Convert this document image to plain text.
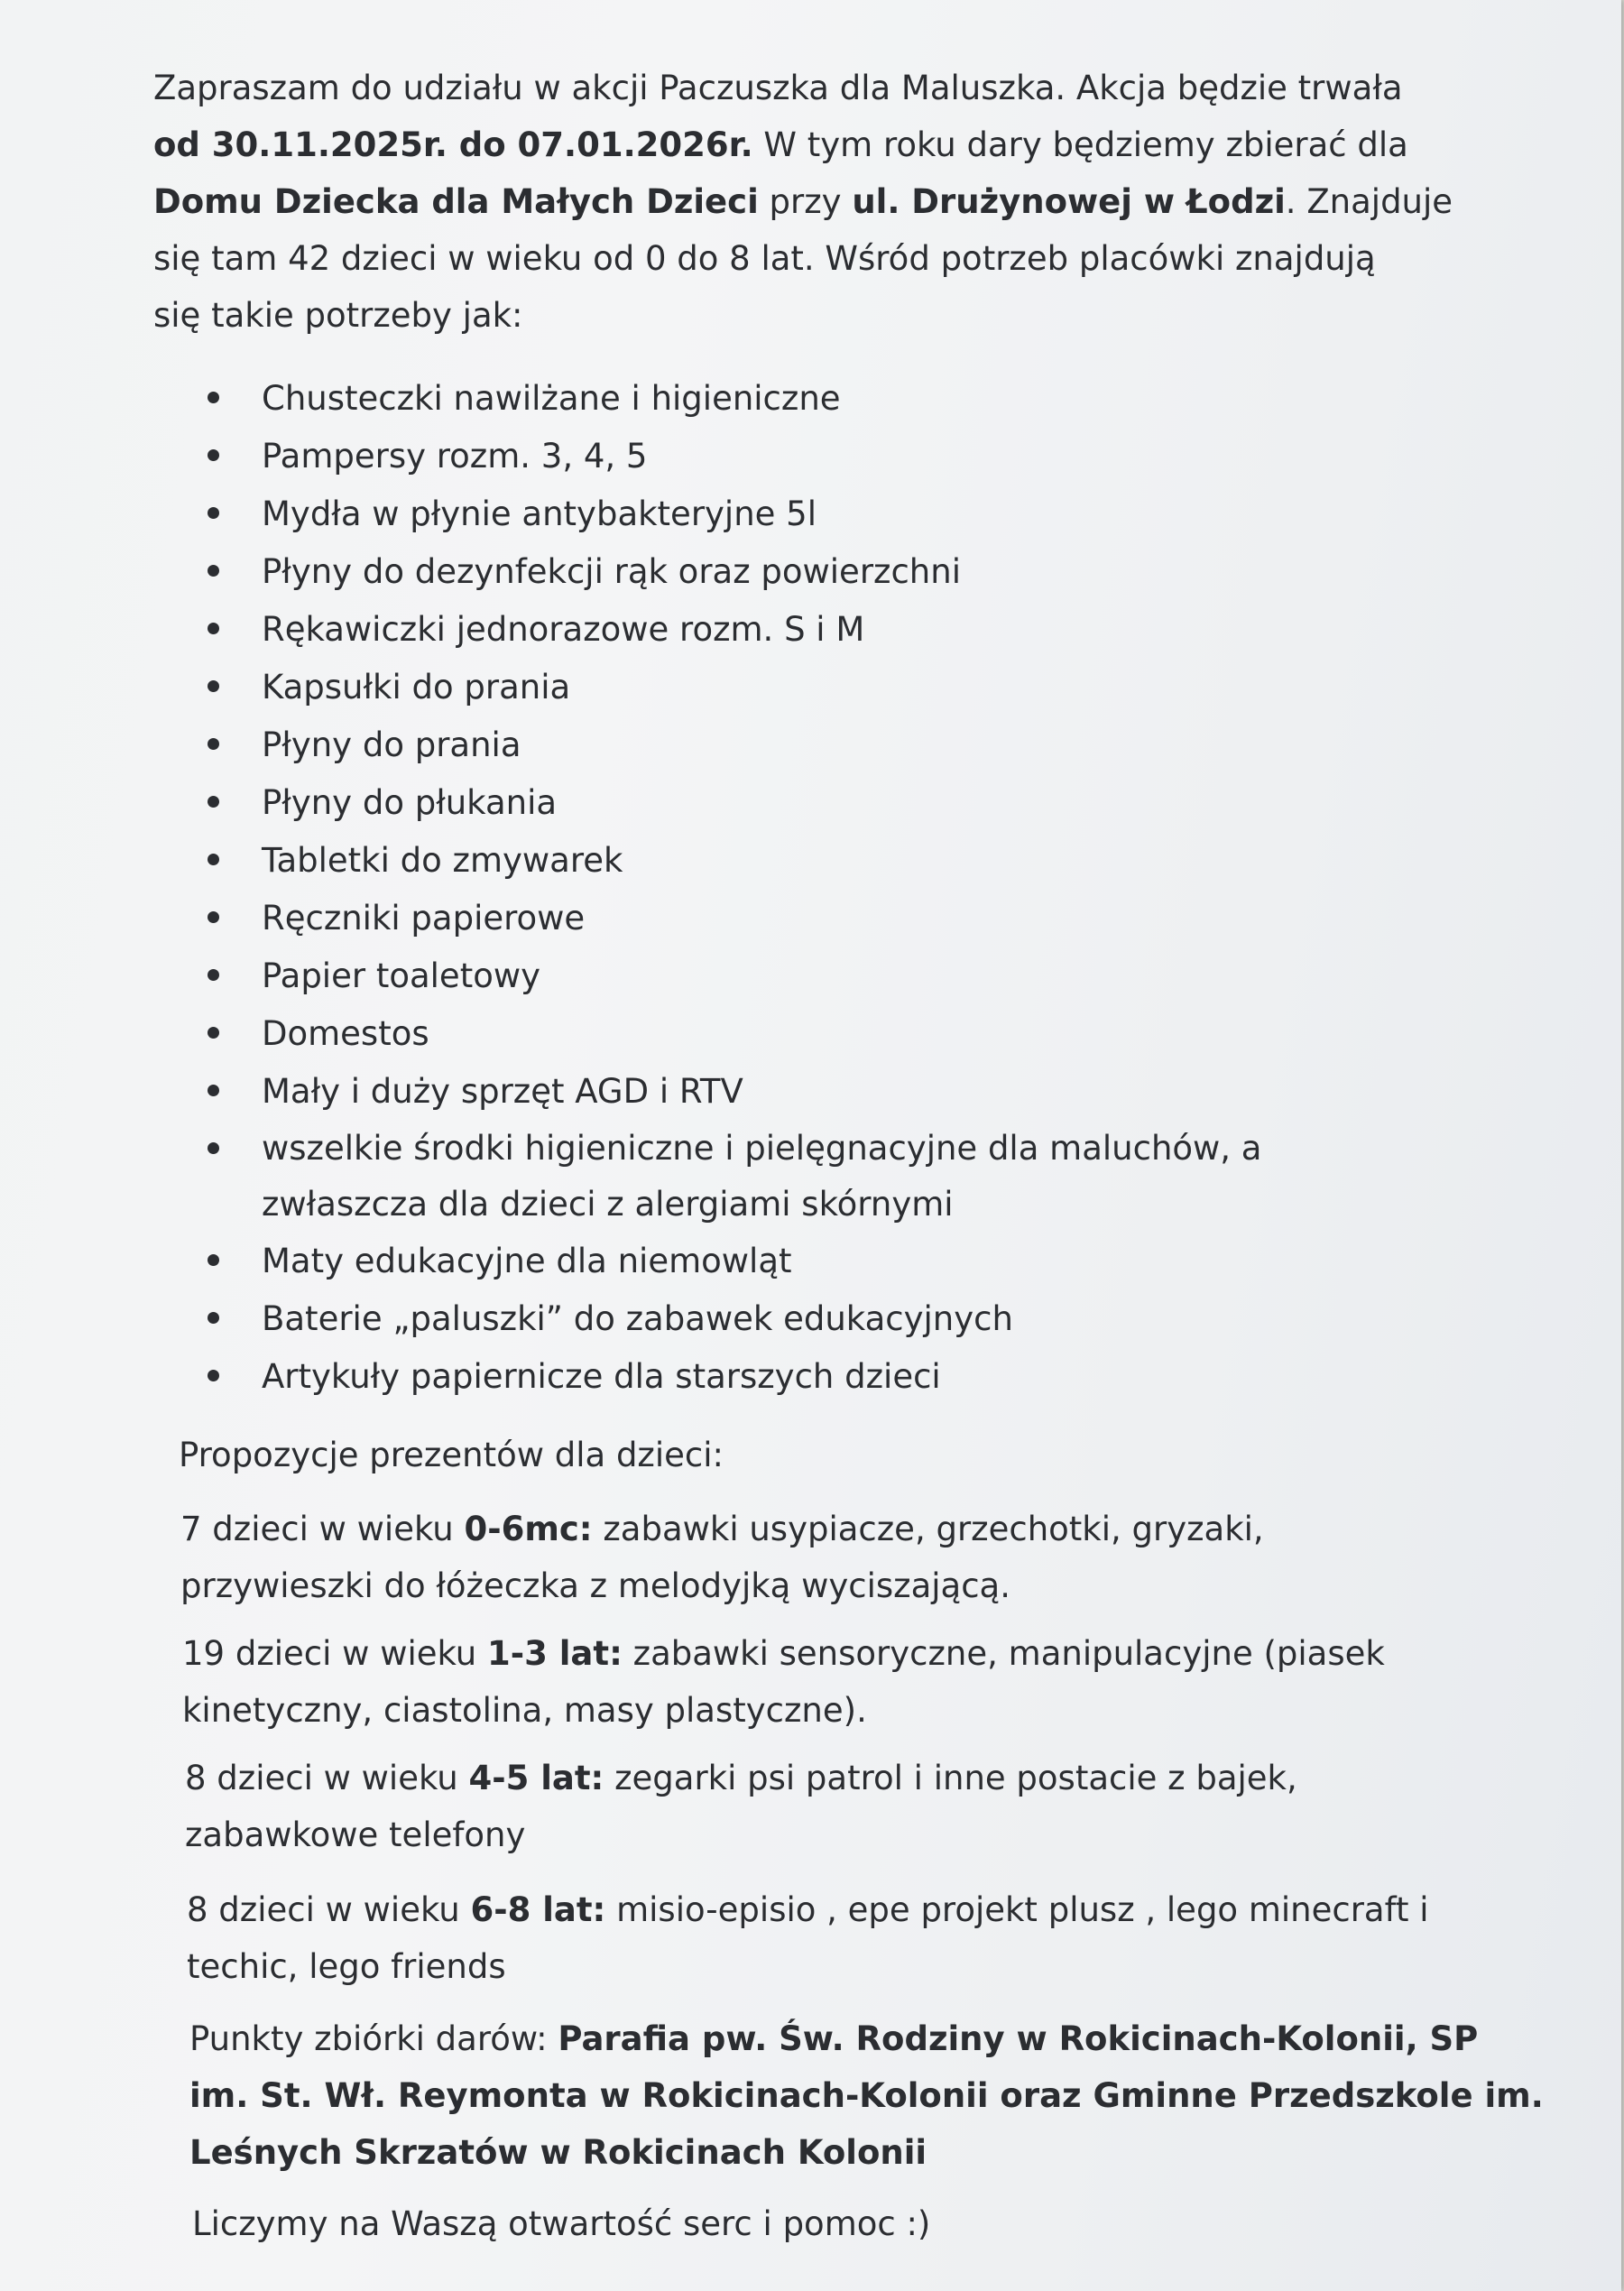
Zapraszam do udziału w akcji Paczuszka dla Maluszka. Akcja będzie trwała

od 30.11.2025r. do 07.01.2026r. W tym roku dary będziemy zbierać dla

Domu Dziecka dla Małych Dzieci przy ul. Drużynowej w Łodzi. Znajduje

się tam 42 dzieci w wieku od 0 do 8 lat. Wśród potrzeb placówki znajdują

się takie potrzeby jak:

Chusteczki nawilżane i higieniczne
Pampersy rozm. 3, 4, 5
Mydła w płynie antybakteryjne 5l
Płyny do dezynfekcji rąk oraz powierzchni
Rękawiczki jednorazowe rozm. S i M
Kapsułki do prania
Płyny do prania
Płyny do płukania
Tabletki do zmywarek
Ręczniki papierowe
Papier toaletowy
Domestos
Mały i duży sprzęt AGD i RTV
wszelkie środki higieniczne i pielęgnacyjne dla maluchów, a
zwłaszcza dla dzieci z alergiami skórnymi
Maty edukacyjne dla niemowląt
Baterie „paluszki” do zabawek edukacyjnych
Artykuły papiernicze dla starszych dzieci

Propozycje prezentów dla dzieci:

7 dzieci w wieku 0-6mc: zabawki usypiacze, grzechotki, gryzaki,
przywieszki do łóżeczka z melodyjką wyciszającą.

19 dzieci w wieku 1-3 lat: zabawki sensoryczne, manipulacyjne (piasek
kinetyczny, ciastolina, masy plastyczne).

8 dzieci w wieku 4-5 lat: zegarki psi patrol i inne postacie z bajek,
zabawkowe telefony

8 dzieci w wieku 6-8 lat: misio-episio , epe projekt plusz , lego minecraft i
techic, lego friends

Punkty zbiórki darów: Parafia pw. Św. Rodziny w Rokicinach-Kolonii, SP
im. St. Wł. Reymonta w Rokicinach-Kolonii oraz Gminne Przedszkole im.
Leśnych Skrzatów w Rokicinach Kolonii

Liczymy na Waszą otwartość serc i pomoc :)
